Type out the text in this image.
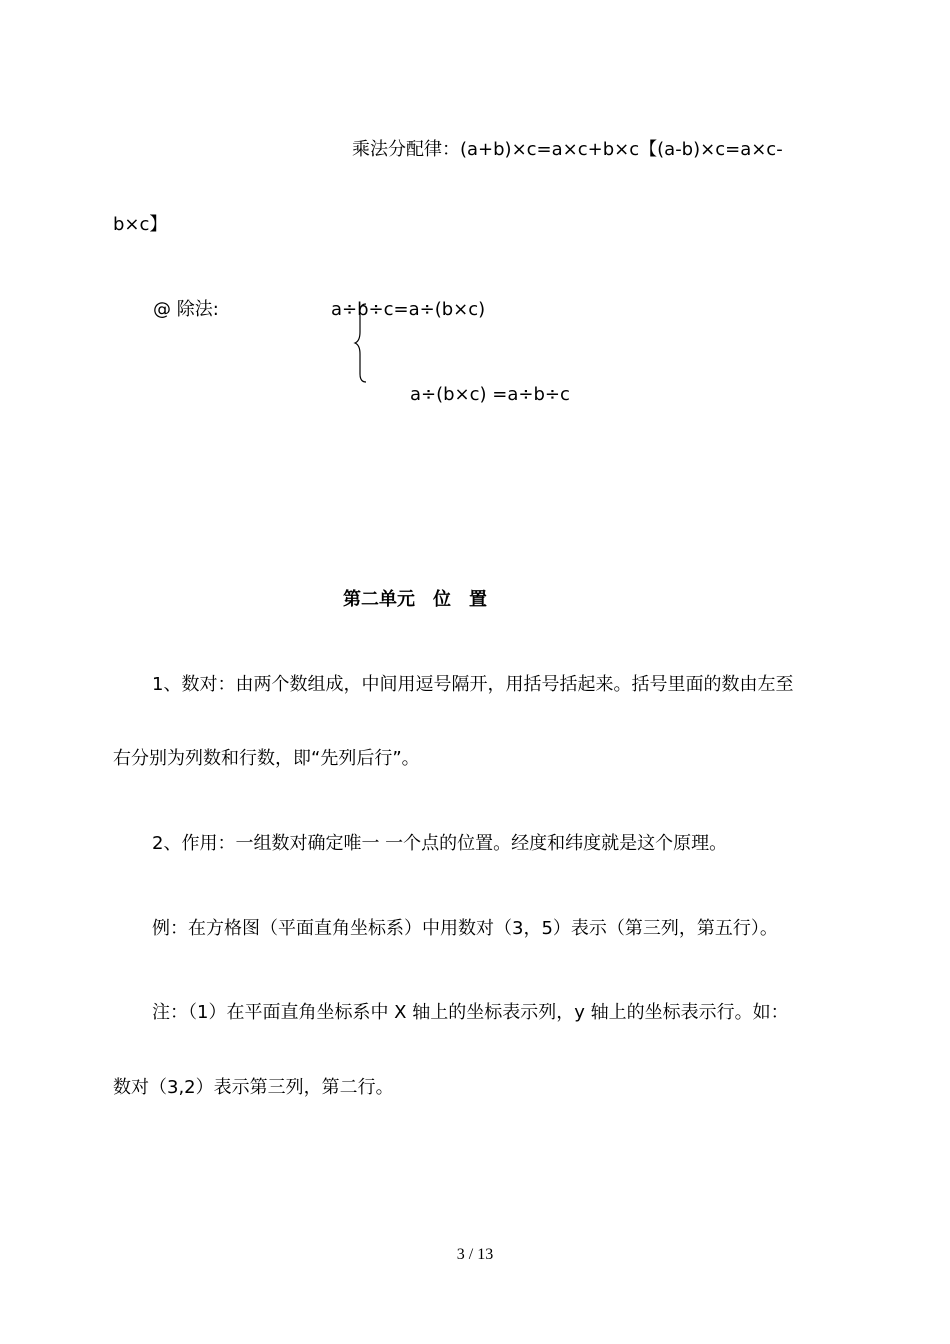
乘法分配律：(a+b)×c=a×c+b×c【(a-b)×c=a×c-
b×c】
@ 除法:	a÷b÷c=a÷(b×c)
a÷(b×c) =a÷b÷c
第二单元　位　置
1、数对：由两个数组成，中间用逗号隔开，用括号括起来。括号里面的数由左至
右分别为列数和行数，即“先列后行”。
2、作用：一组数对确定唯一 一个点的位置。经度和纬度就是这个原理。
例：在方格图（平面直角坐标系）中用数对（3，5）表示（第三列，第五行）。
注：（1）在平面直角坐标系中 X 轴上的坐标表示列，y 轴上的坐标表示行。如：
数对（3,2）表示第三列，第二行。
3 / 13
